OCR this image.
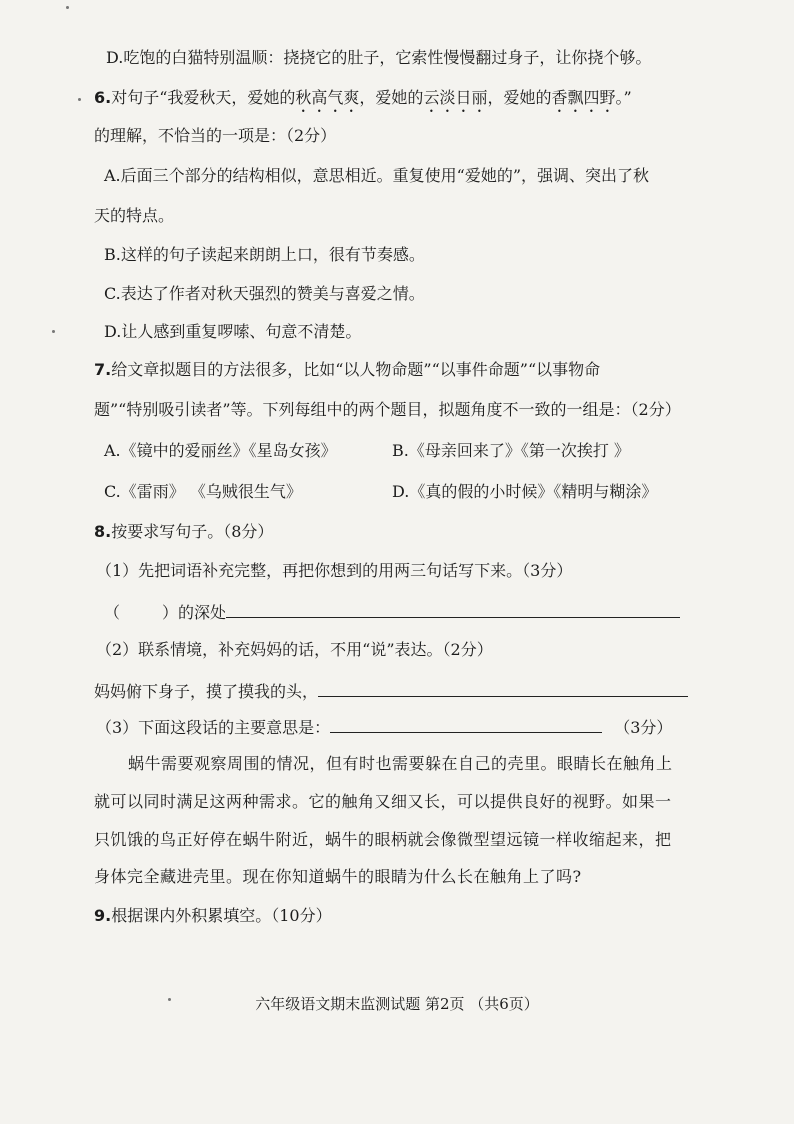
D.吃饱的白猫特别温顺：挠挠它的肚子，它索性慢慢翻过身子，让你挠个够。
6.对句子“我爱秋天，爱她的秋高气爽，爱她的云淡日丽，爱她的香飘四野。”
的理解，不恰当的一项是：（2分）
A.后面三个部分的结构相似，意思相近。重复使用“爱她的”，强调、突出了秋
天的特点。
B.这样的句子读起来朗朗上口，很有节奏感。
C.表达了作者对秋天强烈的赞美与喜爱之情。
D.让人感到重复啰嗦、句意不清楚。
7.给文章拟题目的方法很多，比如“以人物命题”“以事件命题”“以事物命
题”“特别吸引读者”等。下列每组中的两个题目，拟题角度不一致的一组是：（2分）
A.《镜中的爱丽丝》《星岛女孩》	B.《母亲回来了》《第一次挨打 》
C.《雷雨》 《乌贼很生气》	D.《真的假的小时候》《精明与糊涂》
8.按要求写句子。（8分）
（1）先把词语补充完整，再把你想到的用两三句话写下来。（3分）
（	）的深处
（2）联系情境，补充妈妈的话，不用“说”表达。（2分）
妈妈俯下身子，摸了摸我的头，
（3）下面这段话的主要意思是：	（3分）
蜗牛需要观察周围的情况，但有时也需要躲在自己的壳里。眼睛长在触角上
就可以同时满足这两种需求。它的触角又细又长，可以提供良好的视野。如果一
只饥饿的鸟正好停在蜗牛附近，蜗牛的眼柄就会像微型望远镜一样收缩起来，把
身体完全藏进壳里。现在你知道蜗牛的眼睛为什么长在触角上了吗?
9.根据课内外积累填空。（10分）
六年级语文期末监测试题 第2页 （共6页）
